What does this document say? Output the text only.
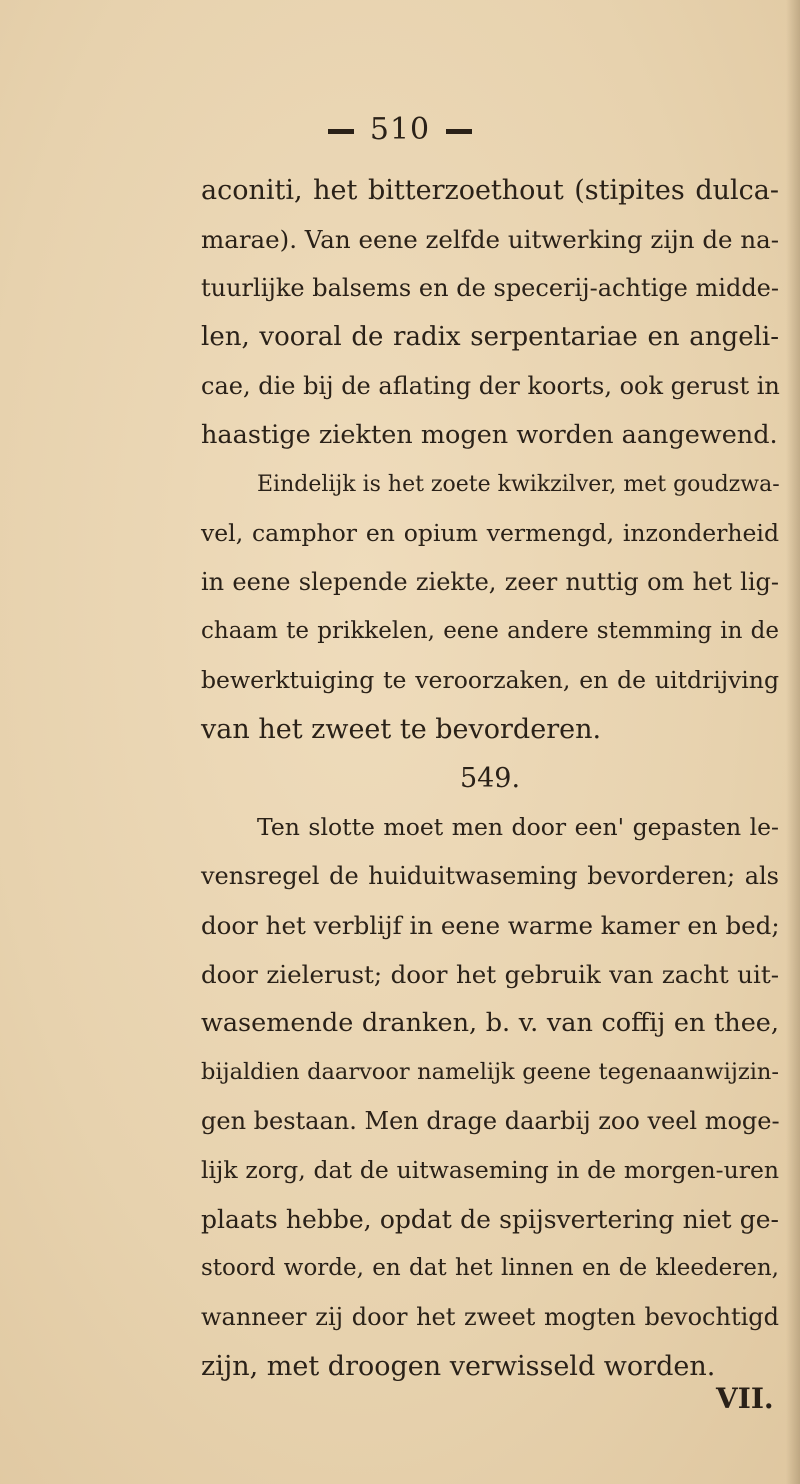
510
aconiti, het bitterzoethout (stipites dulca-
marae). Van eene zelfde uitwerking zijn de na-
tuurlijke balsems en de specerij-achtige midde-
len, vooral de radix serpentariae en angeli-
cae, die bij de aflating der koorts, ook gerust in
haastige ziekten mogen worden aangewend.
Eindelijk is het zoete kwikzilver, met goudzwa-
vel, camphor en opium vermengd, inzonderheid
in eene slepende ziekte, zeer nuttig om het lig-
chaam te prikkelen, eene andere stemming in de
bewerktuiging te veroorzaken, en de uitdrijving
van het zweet te bevorderen.
549.
Ten slotte moet men door een' gepasten le-
vensregel de huiduitwaseming bevorderen; als
door het verblijf in eene warme kamer en bed;
door zielerust; door het gebruik van zacht uit-
wasemende dranken, b. v. van coffij en thee,
bijaldien daarvoor namelijk geene tegenaanwijzin-
gen bestaan. Men drage daarbij zoo veel moge-
lijk zorg, dat de uitwaseming in de morgen-uren
plaats hebbe, opdat de spijsvertering niet ge-
stoord worde, en dat het linnen en de kleederen,
wanneer zij door het zweet mogten bevochtigd
zijn, met droogen verwisseld worden.
VII.
